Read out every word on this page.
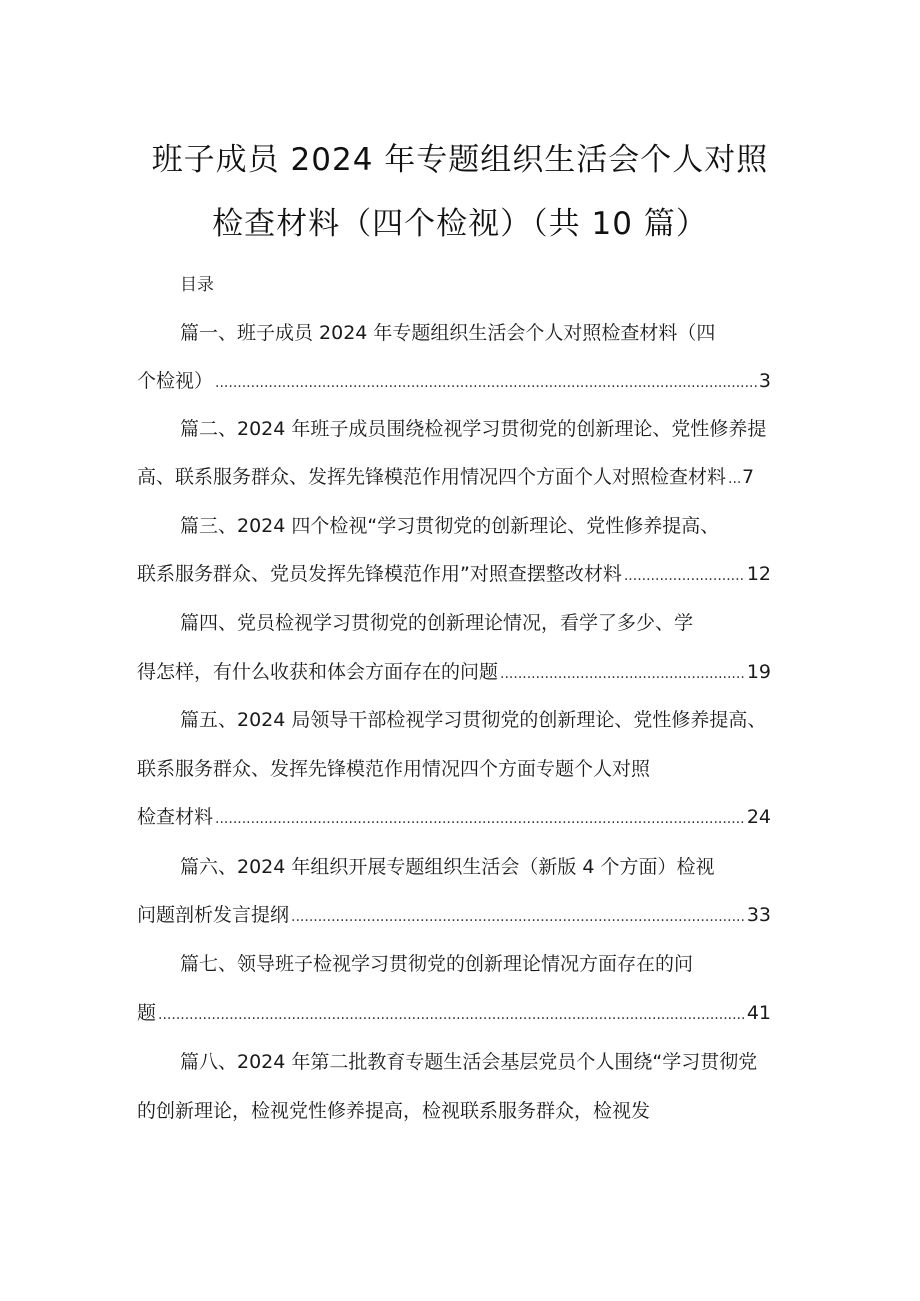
班子成员 2024 年专题组织生活会个人对照
检查材料（四个检视）（共 10 篇）
目录
篇一、班子成员 2024 年专题组织生活会个人对照检查材料（四
个检视） .....	3
篇二、2024 年班子成员围绕检视学习贯彻党的创新理论、党性修养提
高、联系服务群众、发挥先锋模范作用情况四个方面个人对照检查材料 ..... 7
篇三、2024 四个检视“学习贯彻党的创新理论、党性修养提高、
联系服务群众、党员发挥先锋模范作用”对照查摆整改材料 .....	12
篇四、党员检视学习贯彻党的创新理论情况，看学了多少、学
得怎样，有什么收获和体会方面存在的问题 .....	19
篇五、2024 局领导干部检视学习贯彻党的创新理论、党性修养提高、
联系服务群众、发挥先锋模范作用情况四个方面专题个人对照
检查材料 .....	24
篇六、2024 年组织开展专题组织生活会（新版 4 个方面）检视
问题剖析发言提纲 .....	33
篇七、领导班子检视学习贯彻党的创新理论情况方面存在的问
题 .....	41
篇八、2024 年第二批教育专题生活会基层党员个人围绕“学习贯彻党
的创新理论，检视党性修养提高，检视联系服务群众，检视发
